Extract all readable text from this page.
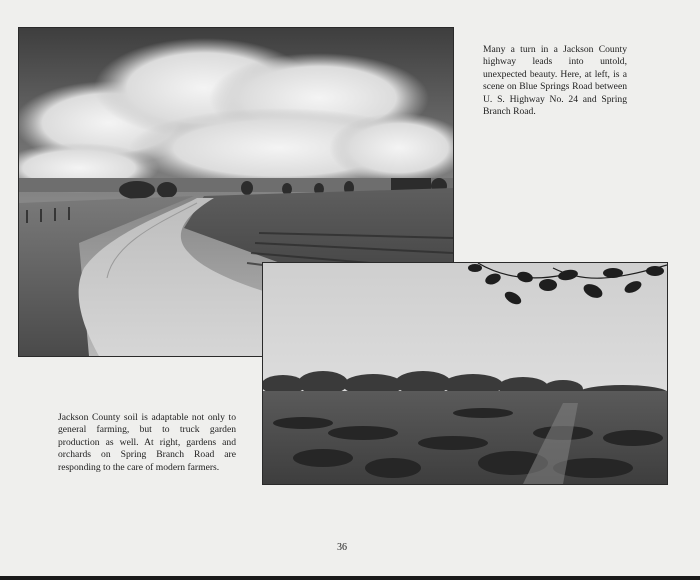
Many a turn in a Jackson County highway leads into untold, unexpected beauty. Here, at left, is a scene on Blue Springs Road between U. S. Highway No. 24 and Spring Branch Road.
Jackson County soil is adaptable not only to general farming, but to truck garden production as well. At right, gardens and orchards on Spring Branch Road are responding to the care of modern farmers.
36
